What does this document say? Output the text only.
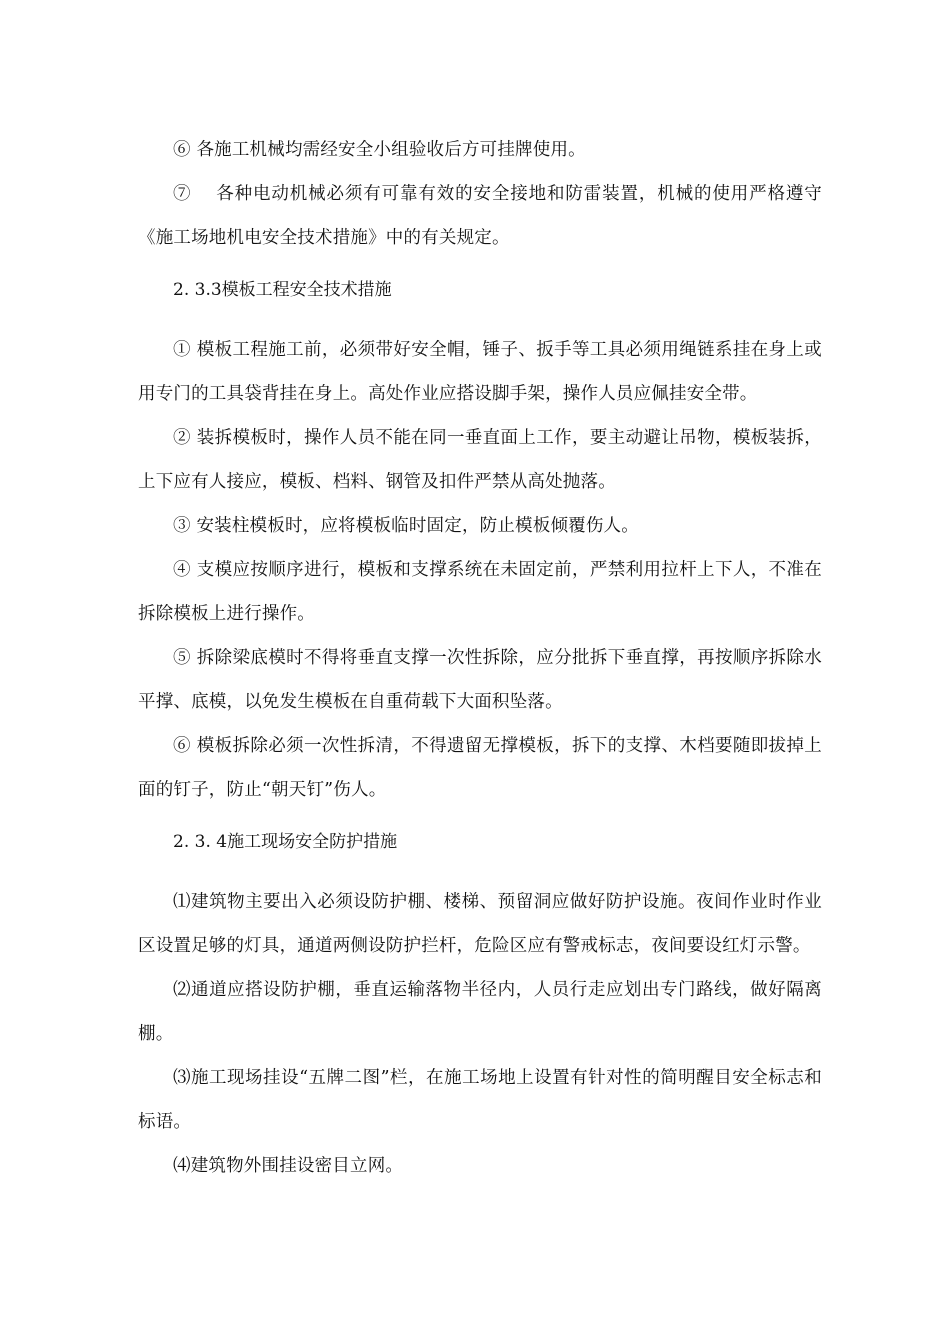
⑥ 各施工机械均需经安全小组验收后方可挂牌使用。

⑦　 各种电动机械必须有可靠有效的安全接地和防雷装置，机械的使用严格遵守《施工场地机电安全技术措施》中的有关规定。

2. 3.3模板工程安全技术措施

① 模板工程施工前，必须带好安全帽，锤子、扳手等工具必须用绳链系挂在身上或用专门的工具袋背挂在身上。高处作业应搭设脚手架，操作人员应佩挂安全带。

② 装拆模板时，操作人员不能在同一垂直面上工作，要主动避让吊物，模板装拆，上下应有人接应，模板、档料、钢管及扣件严禁从高处抛落。

③ 安装柱模板时，应将模板临时固定，防止模板倾覆伤人。

④ 支模应按顺序进行，模板和支撑系统在未固定前，严禁利用拉杆上下人，不准在拆除模板上进行操作。

⑤ 拆除梁底模时不得将垂直支撑一次性拆除，应分批拆下垂直撑，再按顺序拆除水平撑、底模，以免发生模板在自重荷载下大面积坠落。

⑥ 模板拆除必须一次性拆清，不得遗留无撑模板，拆下的支撑、木档要随即拔掉上面的钉子，防止“朝天钉”伤人。

2. 3. 4施工现场安全防护措施

⑴建筑物主要出入必须设防护棚、楼梯、预留洞应做好防护设施。夜间作业时作业区设置足够的灯具，通道两侧设防护拦杆，危险区应有警戒标志，夜间要设红灯示警。

⑵通道应搭设防护棚，垂直运输落物半径内，人员行走应划出专门路线，做好隔离棚。

⑶施工现场挂设“五牌二图”栏，在施工场地上设置有针对性的简明醒目安全标志和标语。

⑷建筑物外围挂设密目立网。
